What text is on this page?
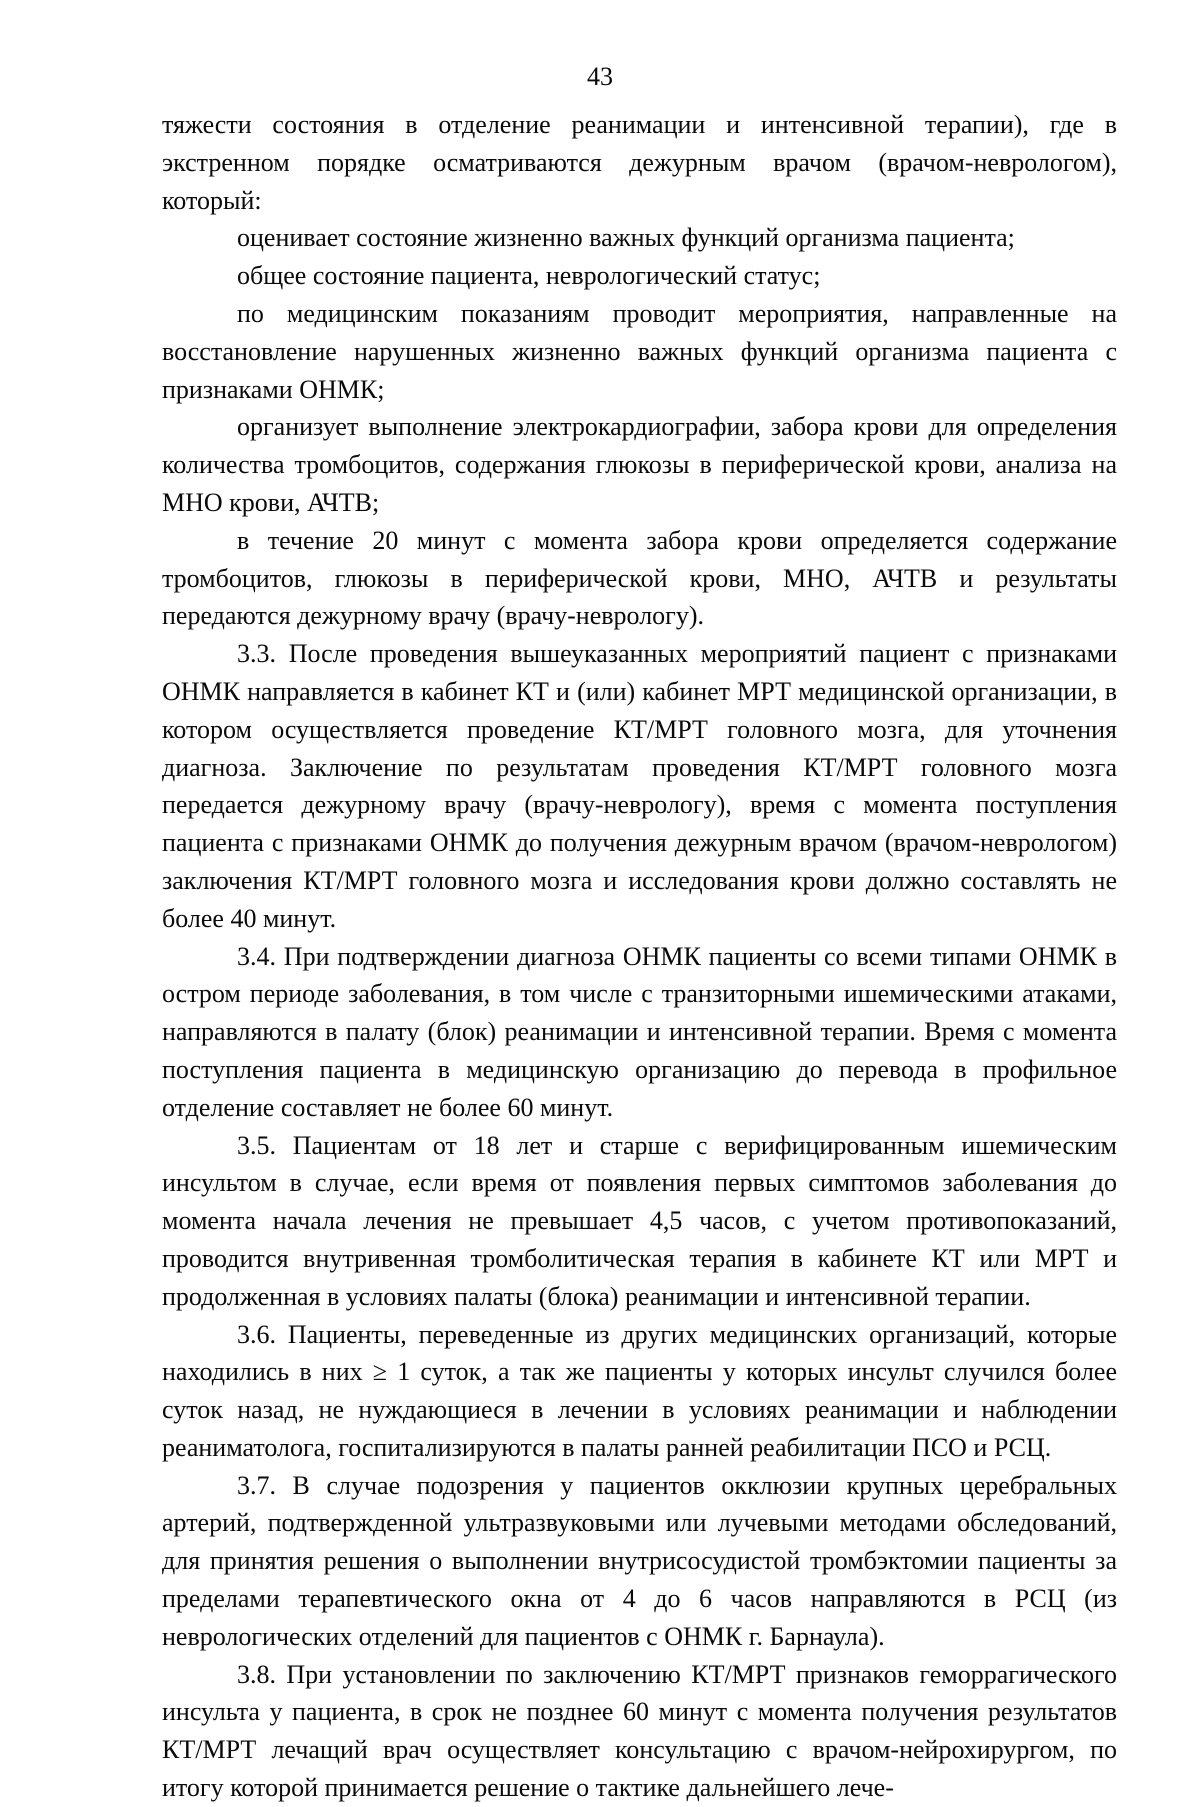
43

тяжести состояния в отделение реанимации и интенсивной терапии), где в экстренном порядке осматриваются дежурным врачом (врачом-неврологом), который:

оценивает состояние жизненно важных функций организма пациента;

общее состояние пациента, неврологический статус;

по медицинским показаниям проводит мероприятия, направленные на восстановление нарушенных жизненно важных функций организма пациента с признаками ОНМК;

организует выполнение электрокардиографии, забора крови для определения количества тромбоцитов, содержания глюкозы в периферической крови, анализа на МНО крови, АЧТВ;

в течение 20 минут с момента забора крови определяется содержание тромбоцитов, глюкозы в периферической крови, МНО, АЧТВ и результаты передаются дежурному врачу (врачу-неврологу).

3.3. После проведения вышеуказанных мероприятий пациент с признаками ОНМК направляется в кабинет КТ и (или) кабинет МРТ медицинской организации, в котором осуществляется проведение КТ/МРТ головного мозга, для уточнения диагноза. Заключение по результатам проведения КТ/МРТ головного мозга передается дежурному врачу (врачу-неврологу), время с момента поступления пациента с признаками ОНМК до получения дежурным врачом (врачом-неврологом) заключения КТ/МРТ головного мозга и исследования крови должно составлять не более 40 минут.

3.4. При подтверждении диагноза ОНМК пациенты со всеми типами ОНМК в остром периоде заболевания, в том числе с транзиторными ишемическими атаками, направляются в палату (блок) реанимации и интенсивной терапии. Время с момента поступления пациента в медицинскую организацию до перевода в профильное отделение составляет не более 60 минут.

3.5. Пациентам от 18 лет и старше с верифицированным ишемическим инсультом в случае, если время от появления первых симптомов заболевания до момента начала лечения не превышает 4,5 часов, с учетом противопоказаний, проводится внутривенная тромболитическая терапия в кабинете КТ или МРТ и продолженная в условиях палаты (блока) реанимации и интенсивной терапии.

3.6. Пациенты, переведенные из других медицинских организаций, которые находились в них ≥ 1 суток, а так же пациенты у которых инсульт случился более суток назад, не нуждающиеся в лечении в условиях реанимации и наблюдении реаниматолога, госпитализируются в палаты ранней реабилитации ПСО и РСЦ.

3.7. В случае подозрения у пациентов окклюзии крупных церебральных артерий, подтвержденной ультразвуковыми или лучевыми методами обследований, для принятия решения о выполнении внутрисосудистой тромбэктомии пациенты за пределами терапевтического окна от 4 до 6 часов направляются в РСЦ (из неврологических отделений для пациентов с ОНМК г. Барнаула).

3.8. При установлении по заключению КТ/МРТ признаков геморрагического инсульта у пациента, в срок не позднее 60 минут с момента получения результатов КТ/МРТ лечащий врач осуществляет консультацию с врачом-нейрохирургом, по итогу которой принимается решение о тактике дальнейшего лече-
